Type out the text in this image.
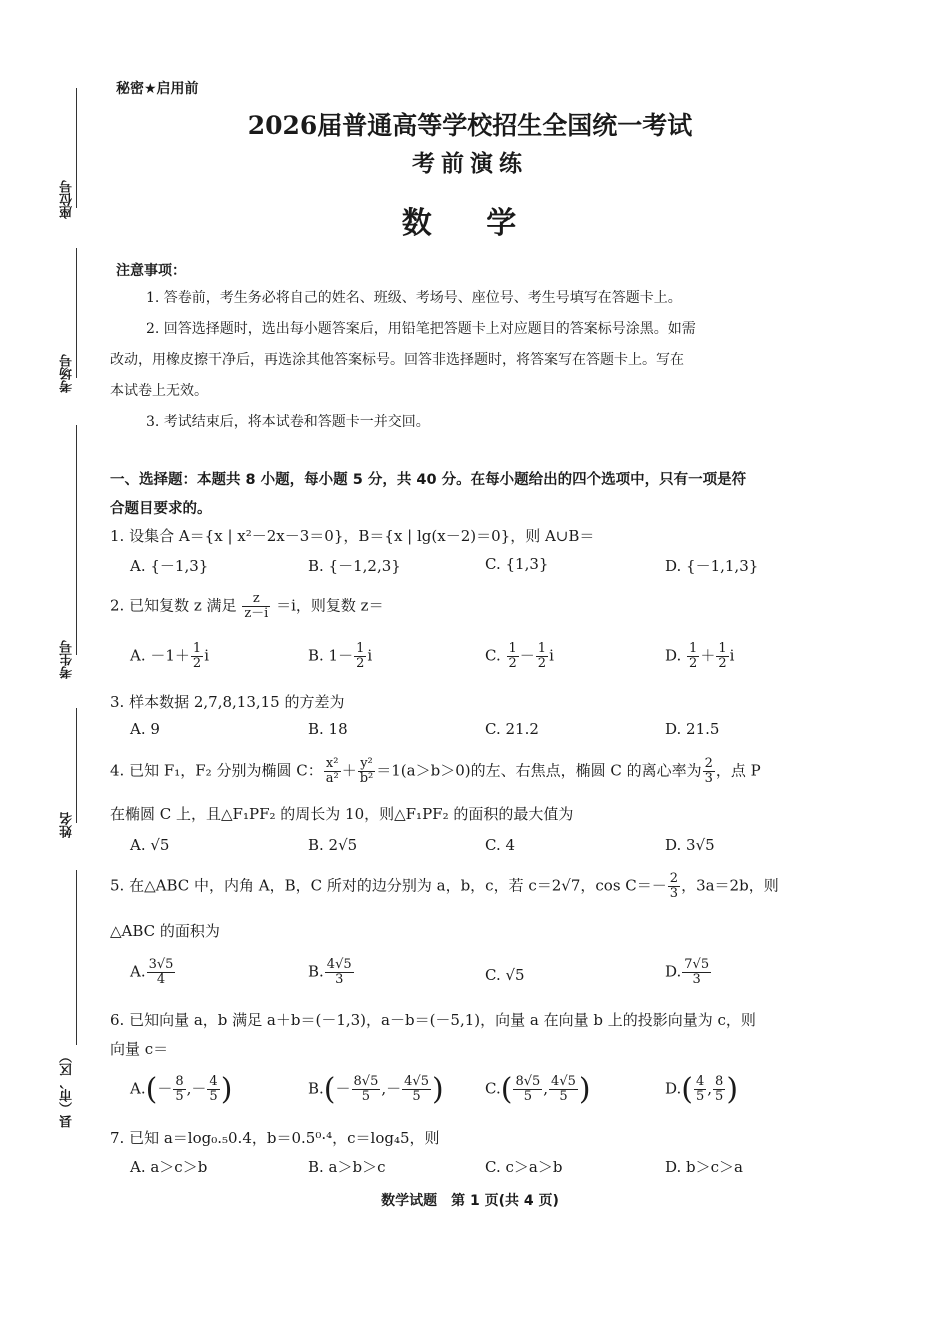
座位号
考场号
考生号
姓名
县（市、区）
秘密★启用前
2026届普通高等学校招生全国统一考试
考前演练
数 学
注意事项：

1. 答卷前，考生务必将自己的姓名、班级、考场号、座位号、考生号填写在答题卡上。

2. 回答选择题时，选出每小题答案后，用铅笔把答题卡上对应题目的答案标号涂黑。如需

改动，用橡皮擦干净后，再选涂其他答案标号。回答非选择题时，将答案写在答题卡上。写在

本试卷上无效。

3. 考试结束后，将本试卷和答题卡一并交回。

一、选择题：本题共 8 小题，每小题 5 分，共 40 分。在每小题给出的四个选项中，只有一项是符
合题目要求的。
1. 设集合 A＝{x | x²－2x－3＝0}，B＝{x | lg(x－2)＝0}，则 A∪B＝
A. {－1,3}	B. {－1,2,3}	C. {1,3}	D. {－1,1,3}
2. 已知复数 z 满足 $\frac{z}{z-i} =i$，则复数 z＝
A. $-1+ \frac{1}{2}$ i	B. $1- \frac{1}{2}$ i	C. $\frac{1}{2} - \frac{1}{2}$ i	D. $\frac{1}{2} + \frac{1}{2}$ i
3. 样本数据 2,7,8,13,15 的方差为
A. 9	B. 18	C. 21.2	D. 21.5
4. 已知 F₁，F₂ 分别为椭圆 C： $\frac{\text{x²}}{\text{a²}} + \frac{\text{y²}}{\text{b²}} =1(a>b>0)$的左、右焦点，椭圆 C 的离心率为 $\frac{2}{3}$ ，点 P
在椭圆 C 上，且△F₁PF₂ 的周长为 10，则△F₁PF₂ 的面积的最大值为
A. √5	B. 2√5	C. 4	D. 3√5
5. 在△ABC 中，内角 A，B，C 所对的边分别为 a，b，c，若 c＝2√7，$\cos C=- \frac{2}{3}$ ，3a＝2b，则
△ABC 的面积为
A. $\frac{3√5}{4}$	B. $\frac{4√5}{3}$	C. √5	D. $\frac{7√5}{3}$
6. 已知向量 a，b 满足 a＋b＝(－1,3)，a－b＝(－5,1)，向量 a 在向量 b 上的投影向量为 c，则
向量 c＝
$A.(- \frac{8}{5}$ ,－ $\frac{4}{5}$ )	$B.(- \frac{8√5}{5}$ ,－ $\frac{4√5}{5}$ )	$C.( \frac{8√5}{5}$ , $\frac{4√5}{5}$ )	$D.( \frac{4}{5}$ , $\frac{8}{5}$ )
7. 已知 a＝log₀.₅0.4，b＝0.5⁰·⁴，c＝log₄5，则
A. a＞c＞b	B. a＞b＞c	C. c＞a＞b	D. b＞c＞a
数学试题　第 1 页(共 4 页)
